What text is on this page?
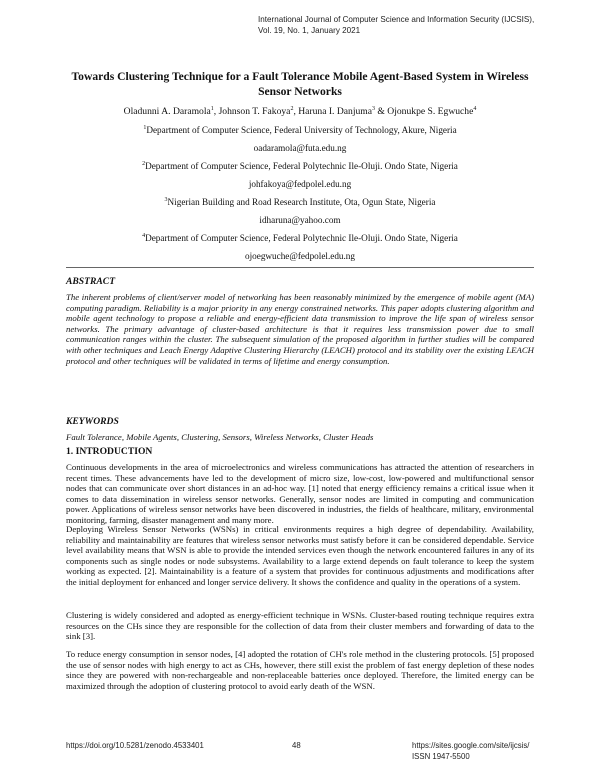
International Journal of Computer Science and Information Security (IJCSIS),
Vol. 19, No. 1, January 2021
Towards Clustering Technique for a Fault Tolerance Mobile Agent-Based System in Wireless Sensor Networks
Oladunni A. Daramola$^1$, Johnson T. Fakoya$^2$, Haruna I. Danjuma$^3$ & Ojonukpe S. Egwuche$^4$
$^1$Department of Computer Science, Federal University of Technology, Akure, Nigeria
oadaramola@futa.edu.ng
$^2$Department of Computer Science, Federal Polytechnic Ile-Oluji. Ondo State, Nigeria
johfakoya@fedpolel.edu.ng
$^3$Nigerian Building and Road Research Institute, Ota, Ogun State, Nigeria
idharuna@yahoo.com
$^4$Department of Computer Science, Federal Polytechnic Ile-Oluji. Ondo State, Nigeria
ojoegwuche@fedpolel.edu.ng
ABSTRACT
The inherent problems of client/server model of networking has been reasonably minimized by the emergence of mobile agent (MA) computing paradigm. Reliability is a major priority in any energy constrained networks. This paper adopts clustering algorithm and mobile agent technology to propose a reliable and energy-efficient data transmission to improve the life span of wireless sensor networks. The primary advantage of cluster-based architecture is that it requires less transmission power due to small communication ranges within the cluster. The subsequent simulation of the proposed algorithm in further studies will be compared with other techniques and Leach Energy Adaptive Clustering Hierarchy (LEACH) protocol and its stability over the existing LEACH protocol and other techniques will be validated in terms of lifetime and energy consumption.
KEYWORDS
Fault Tolerance, Mobile Agents, Clustering, Sensors, Wireless Networks, Cluster Heads
1. INTRODUCTION
Continuous developments in the area of microelectronics and wireless communications has attracted the attention of researchers in recent times. These advancements have led to the development of micro size, low-cost, low-powered and multifunctional sensor nodes that can communicate over short distances in an ad-hoc way. [1] noted that energy efficiency remains a critical issue when it comes to data dissemination in wireless sensor networks. Generally, sensor nodes are limited in computing and communication power. Applications of wireless sensor networks have been discovered in industries, the fields of healthcare, military, environmental monitoring, farming, disaster management and many more.
Deploying Wireless Sensor Networks (WSNs) in critical environments requires a high degree of dependability. Availability, reliability and maintainability are features that wireless sensor networks must satisfy before it can be considered dependable. Service level availability means that WSN is able to provide the intended services even though the network encountered failures in any of its components such as single nodes or node subsystems. Availability to a large extend depends on fault tolerance to keep the system working as expected. [2]. Maintainability is a feature of a system that provides for continuous adjustments and modifications after the initial deployment for enhanced and longer service delivery. It shows the confidence and quality in the operations of a system.
Clustering is widely considered and adopted as energy-efficient technique in WSNs. Cluster-based routing technique requires extra resources on the CHs since they are responsible for the collection of data from their cluster members and forwarding of data to the sink [3].
To reduce energy consumption in sensor nodes, [4] adopted the rotation of CH's role method in the clustering protocols. [5] proposed the use of sensor nodes with high energy to act as CHs, however, there still exist the problem of fast energy depletion of these nodes since they are powered with non-rechargeable and non-replaceable batteries once deployed. Therefore, the limited energy can be maximized through the adoption of clustering protocol to avoid early death of the WSN.
https://doi.org/10.5281/zenodo.4533401	48	https://sites.google.com/site/ijcsis/
ISSN 1947-5500
